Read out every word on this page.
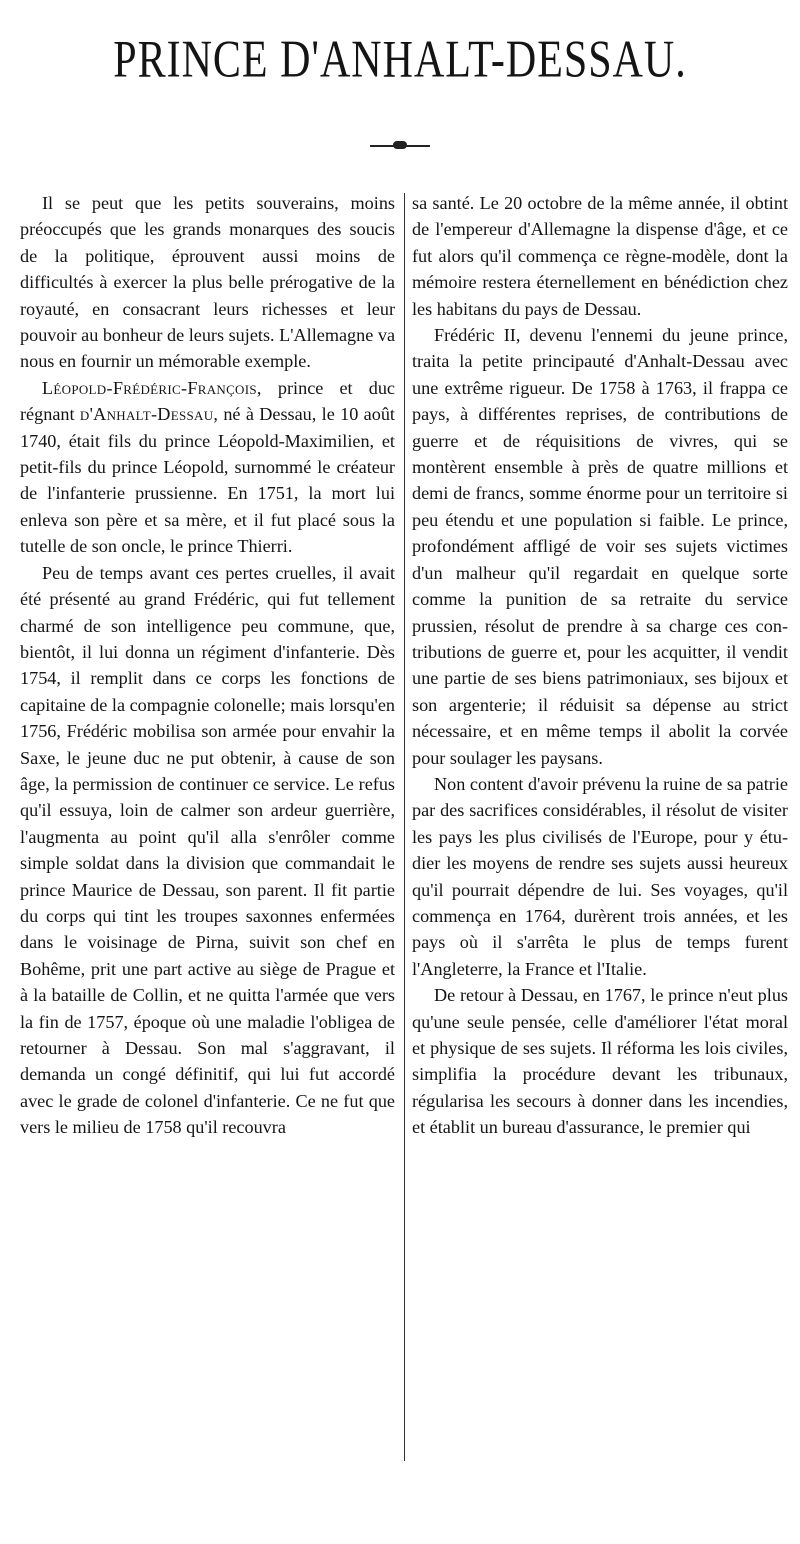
PRINCE D'ANHALT-DESSAU.

Il se peut que les petits souverains, moins préoccupés que les grands monarques des soucis de la politique, éprouvent aussi moins de difficultés à exercer la plus belle prérogative de la royauté, en consacrant leurs richesses et leur pouvoir au bonheur de leurs sujets. L'Allemagne va nous en fournir un mémorable exemple.

Léopold-Frédéric-François, prince et duc régnant d'Anhalt-Dessau, né à Dessau, le 10 août 1740, était fils du prince Léopold-Maximilien, et petit-fils du prince Léopold, surnommé le créateur de l'infanterie prussienne. En 1751, la mort lui enleva son père et sa mère, et il fut placé sous la tutelle de son oncle, le prince Thierri.

Peu de temps avant ces pertes cruelles, il avait été présenté au grand Frédéric, qui fut tellement charmé de son intelligence peu commune, que, bientôt, il lui donna un régiment d'infanterie. Dès 1754, il remplit dans ce corps les fonctions de capitaine de la compagnie colonelle; mais lorsqu'en 1756, Frédéric mobilisa son armée pour envahir la Saxe, le jeune duc ne put obtenir, à cause de son âge, la permission de continuer ce service. Le refus qu'il essuya, loin de calmer son ardeur guerrière, l'augmenta au point qu'il alla s'enrôler comme simple soldat dans la division que commandait le prince Maurice de Dessau, son parent. Il fit partie du corps qui tint les troupes saxonnes enfermées dans le voisinage de Pirna, suivit son chef en Bohême, prit une part active au siège de Prague et à la bataille de Collin, et ne quitta l'armée que vers la fin de 1757, époque où une maladie l'obligea de retourner à Dessau. Son mal s'aggravant, il demanda un congé définitif, qui lui fut accordé avec le grade de colonel d'infanterie. Ce ne fut que vers le milieu de 1758 qu'il recouvra

sa santé. Le 20 octobre de la même année, il obtint de l'empereur d'Allemagne la dispense d'âge, et ce fut alors qu'il commença ce règne-modèle, dont la mémoire restera éternellement en bénédiction chez les habitans du pays de Dessau.

Frédéric II, devenu l'ennemi du jeune prince, traita la petite principauté d'Anhalt-Dessau avec une extrême rigueur. De 1758 à 1763, il frappa ce pays, à différentes reprises, de contributions de guerre et de réquisitions de vivres, qui se montèrent ensemble à près de quatre millions et demi de francs, somme énorme pour un territoire si peu étendu et une population si faible. Le prince, profondément affligé de voir ses sujets victimes d'un malheur qu'il regardait en quelque sorte comme la punition de sa retraite du service prussien, résolut de prendre à sa charge ces contributions de guerre et, pour les acquitter, il vendit une partie de ses biens patrimoniaux, ses bijoux et son argenterie; il réduisit sa dépense au strict nécessaire, et en même temps il abolit la corvée pour soulager les paysans.

Non content d'avoir prévenu la ruine de sa patrie par des sacrifices considérables, il résolut de visiter les pays les plus civilisés de l'Europe, pour y étudier les moyens de rendre ses sujets aussi heureux qu'il pourrait dépendre de lui. Ses voyages, qu'il commença en 1764, durèrent trois années, et les pays où il s'arrêta le plus de temps furent l'Angleterre, la France et l'Italie.

De retour à Dessau, en 1767, le prince n'eut plus qu'une seule pensée, celle d'améliorer l'état moral et physique de ses sujets. Il réforma les lois civiles, simplifia la procédure devant les tribunaux, régularisa les secours à donner dans les incendies, et établit un bureau d'assurance, le premier qui
